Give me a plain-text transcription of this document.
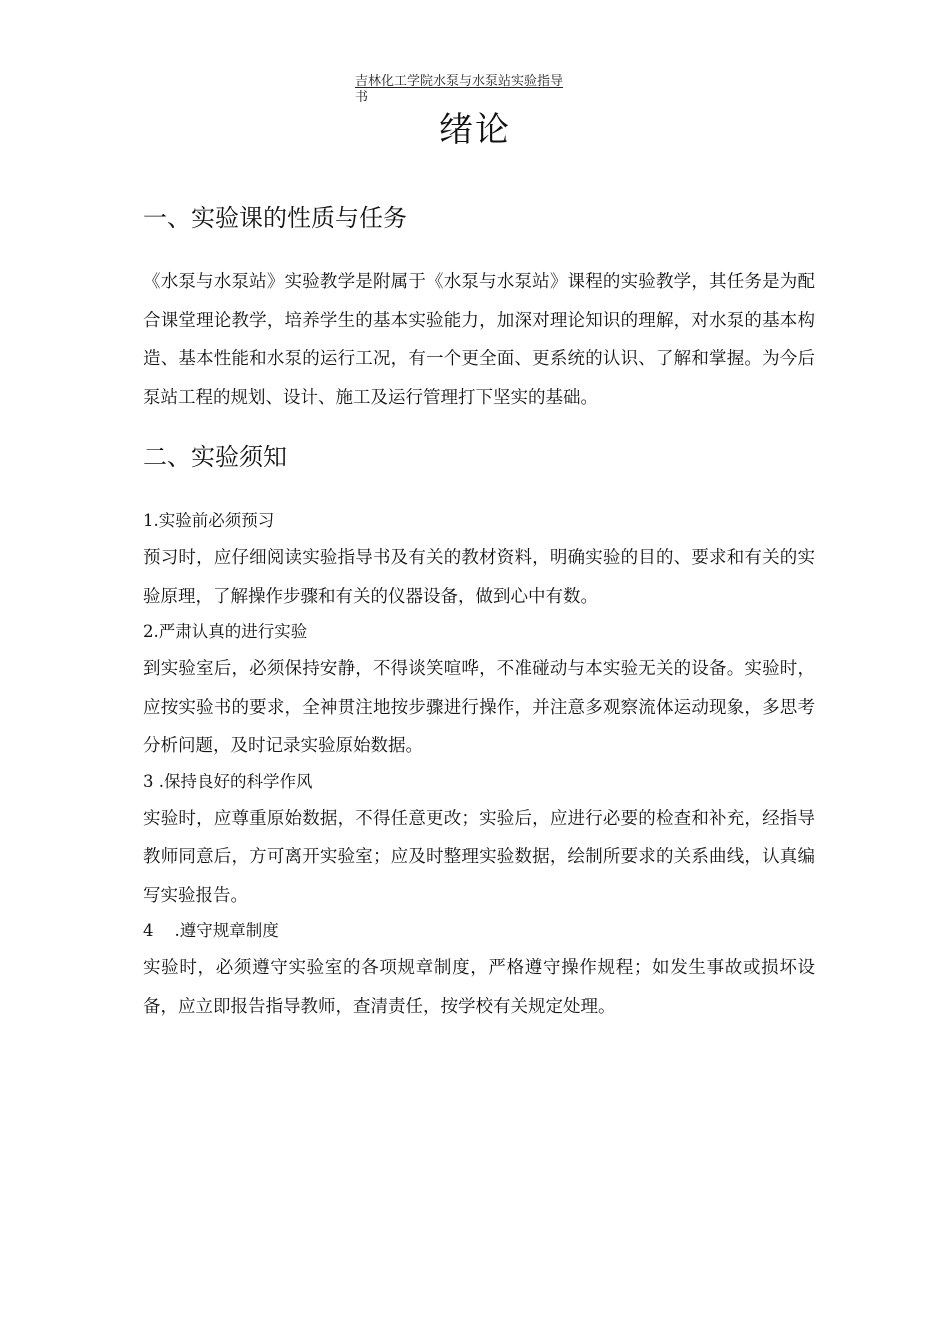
吉林化工学院水泵与水泵站实验指导
书
绪论
一、实验课的性质与任务

《水泵与水泵站》实验教学是附属于《水泵与水泵站》课程的实验教学，其任务是为配合课堂理论教学，培养学生的基本实验能力，加深对理论知识的理解，对水泵的基本构造、基本性能和水泵的运行工况，有一个更全面、更系统的认识、了解和掌握。为今后泵站工程的规划、设计、施工及运行管理打下坚实的基础。

二、实验须知
1.实验前必须预习

预习时，应仔细阅读实验指导书及有关的教材资料，明确实验的目的、要求和有关的实验原理，了解操作步骤和有关的仪器设备，做到心中有数。

2.严肃认真的进行实验

到实验室后，必须保持安静，不得谈笑喧哗，不准碰动与本实验无关的设备。实验时，应按实验书的要求，全神贯注地按步骤进行操作，并注意多观察流体运动现象，多思考分析问题，及时记录实验原始数据。

3 .保持良好的科学作风

实验时，应尊重原始数据，不得任意更改；实验后，应进行必要的检查和补充，经指导教师同意后，方可离开实验室；应及时整理实验数据，绘制所要求的关系曲线，认真编写实验报告。

4    .遵守规章制度

实验时，必须遵守实验室的各项规章制度，严格遵守操作规程；如发生事故或损坏设备，应立即报告指导教师，查清责任，按学校有关规定处理。
